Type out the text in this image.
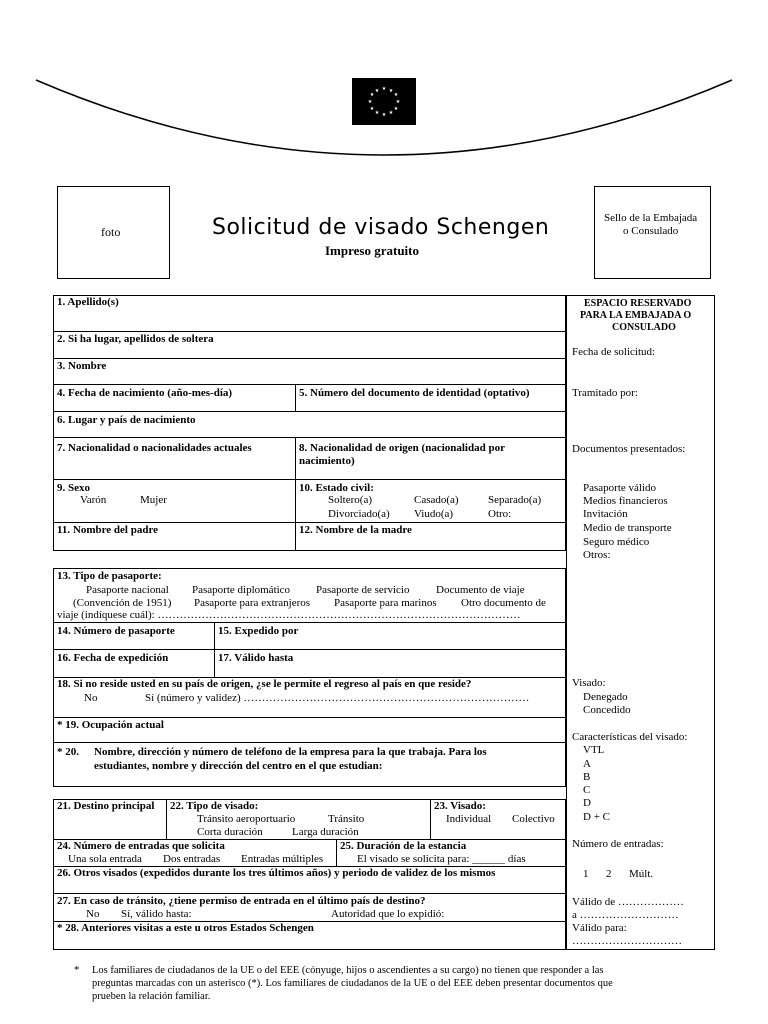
★ ★
★
★
★
★
★
★
★
★
★
★
foto	Solicitud de visado Schengen
Impreso gratuito
Sello de la Embajada
o Consulado
1. Apellido(s)
2. Si ha lugar, apellidos de soltera
3. Nombre
4. Fecha de nacimiento (año-mes-día)	5. Número del documento de identidad (optativo)
6. Lugar y país de nacimiento
7. Nacionalidad o nacionalidades actuales	8. Nacionalidad de origen (nacionalidad por
nacimiento)
9. Sexo
Varón	Mujer
10. Estado civil:
Soltero(a)	Casado(a)	Separado(a)
Divorciado(a) Viudo(a)	Otro:
11. Nombre del padre	12. Nombre de la madre
13. Tipo de pasaporte:
Pasaporte nacional Pasaporte diplomático Pasaporte de servicio Documento de viaje
(Convención de 1951) Pasaporte para extranjeros Pasaporte para marinos Otro documento de
viaje (indíquese cuál): ………………………………………………………………………………………
14. Número de pasaporte	15. Expedido por
16. Fecha de expedición	17. Válido hasta
18. Si no reside usted en su país de origen, ¿se le permite el regreso al país en que reside?
No	Sí (número y validez) ……………………………………………………………………
* 19. Ocupación actual
* 20. Nombre, dirección y número de teléfono de la empresa para la que trabaja. Para los
estudiantes, nombre y dirección del centro en el que estudian:
21. Destino principal 22. Tipo de visado:
Tránsito aeroportuario	Tránsito
Corta duración	Larga duración
23. Visado:
Individual Colectivo
24. Número de entradas que solicita
Una sola entrada Dos entradas Entradas múltiples
25. Duración de la estancia
El visado se solicita para: ______ días
26. Otros visados (expedidos durante los tres últimos años) y periodo de validez de los mismos
27. En caso de tránsito, ¿tiene permiso de entrada en el último país de destino?
No Sí, válido hasta:	Autoridad que lo expidió:
* 28. Anteriores visitas a este u otros Estados Schengen
ESPACIO RESERVADO
PARA LA EMBAJADA O
CONSULADO
Fecha de solicitud:
Tramitado por:
Documentos presentados:
Pasaporte válido
Medios financieros
Invitación
Medio de transporte
Seguro médico
Otros:
Visado:
Denegado
Concedido
Características del visado:
VTL
A
B
C
D
D + C
Número de entradas:
1 2 Múlt.
Válido de ………………
a ………………………
Válido para:
…………………………
* Los familiares de ciudadanos de la UE o del EEE (cónyuge, hijos o ascendientes a su cargo) no tienen que responder a las
preguntas marcadas con un asterisco (*). Los familiares de ciudadanos de la UE o del EEE deben presentar documentos que
prueben la relación familiar.
